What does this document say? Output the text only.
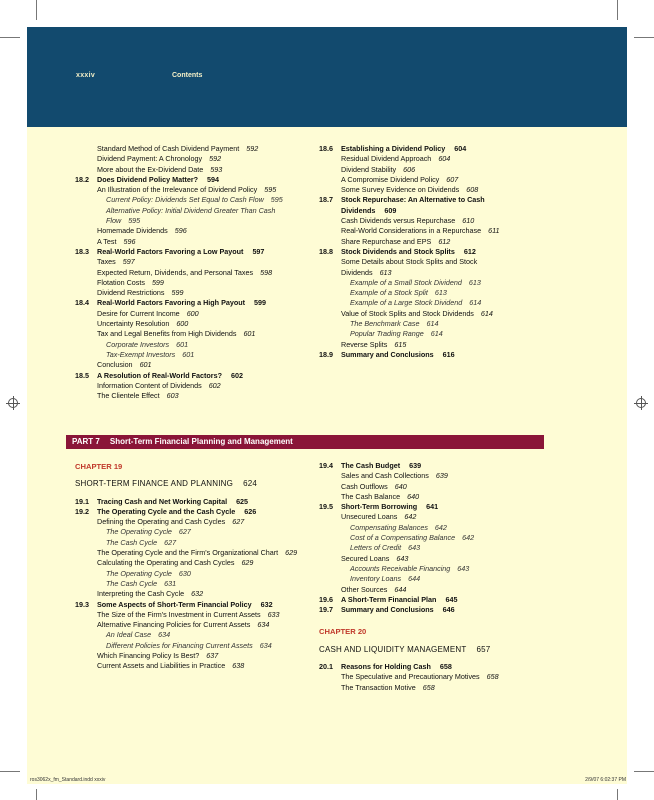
xxxiv	Contents
Standard Method of Cash Dividend Payment 592
Dividend Payment: A Chronology 592
More about the Ex-Dividend Date 593
18.2 Does Dividend Policy Matter? 594
An Illustration of the Irrelevance of Dividend Policy 595
Current Policy: Dividends Set Equal to Cash Flow 595
Alternative Policy: Initial Dividend Greater Than Cash Flow 595
Homemade Dividends 596
A Test 596
18.3 Real-World Factors Favoring a Low Payout 597
Taxes 597
Expected Return, Dividends, and Personal Taxes 598
Flotation Costs 599
Dividend Restrictions 599
18.4 Real-World Factors Favoring a High Payout 599
Desire for Current Income 600
Uncertainty Resolution 600
Tax and Legal Benefits from High Dividends 601
Corporate Investors 601
Tax-Exempt Investors 601
Conclusion 601
18.5 A Resolution of Real-World Factors? 602
Information Content of Dividends 602
The Clientele Effect 603
18.6 Establishing a Dividend Policy 604
Residual Dividend Approach 604
Dividend Stability 606
A Compromise Dividend Policy 607
Some Survey Evidence on Dividends 608
18.7 Stock Repurchase: An Alternative to Cash Dividends 609
Cash Dividends versus Repurchase 610
Real-World Considerations in a Repurchase 611
Share Repurchase and EPS 612
18.8 Stock Dividends and Stock Splits 612
Some Details about Stock Splits and Stock Dividends 613
Example of a Small Stock Dividend 613
Example of a Stock Split 613
Example of a Large Stock Dividend 614
Value of Stock Splits and Stock Dividends 614
The Benchmark Case 614
Popular Trading Range 614
Reverse Splits 615
18.9 Summary and Conclusions 616
PART 7 Short-Term Financial Planning and Management
CHAPTER 19
SHORT-TERM FINANCE AND PLANNING 624
19.1 Tracing Cash and Net Working Capital 625
19.2 The Operating Cycle and the Cash Cycle 626
Defining the Operating and Cash Cycles 627
The Operating Cycle 627
The Cash Cycle 627
The Operating Cycle and the Firm's Organizational Chart 629
Calculating the Operating and Cash Cycles 629
The Operating Cycle 630
The Cash Cycle 631
Interpreting the Cash Cycle 632
19.3 Some Aspects of Short-Term Financial Policy 632
The Size of the Firm's Investment in Current Assets 633
Alternative Financing Policies for Current Assets 634
An Ideal Case 634
Different Policies for Financing Current Assets 634
Which Financing Policy Is Best? 637
Current Assets and Liabilities in Practice 638
19.4 The Cash Budget 639
Sales and Cash Collections 639
Cash Outflows 640
The Cash Balance 640
19.5 Short-Term Borrowing 641
Unsecured Loans 642
Compensating Balances 642
Cost of a Compensating Balance 642
Letters of Credit 643
Secured Loans 643
Accounts Receivable Financing 643
Inventory Loans 644
Other Sources 644
19.6 A Short-Term Financial Plan 645
19.7 Summary and Conclusions 646
CHAPTER 20
CASH AND LIQUIDITY MANAGEMENT 657
20.1 Reasons for Holding Cash 658
The Speculative and Precautionary Motives 658
The Transaction Motive 658
ros3062x_fm_Standard.indd xxxiv	2/9/07 6:02:37 PM
